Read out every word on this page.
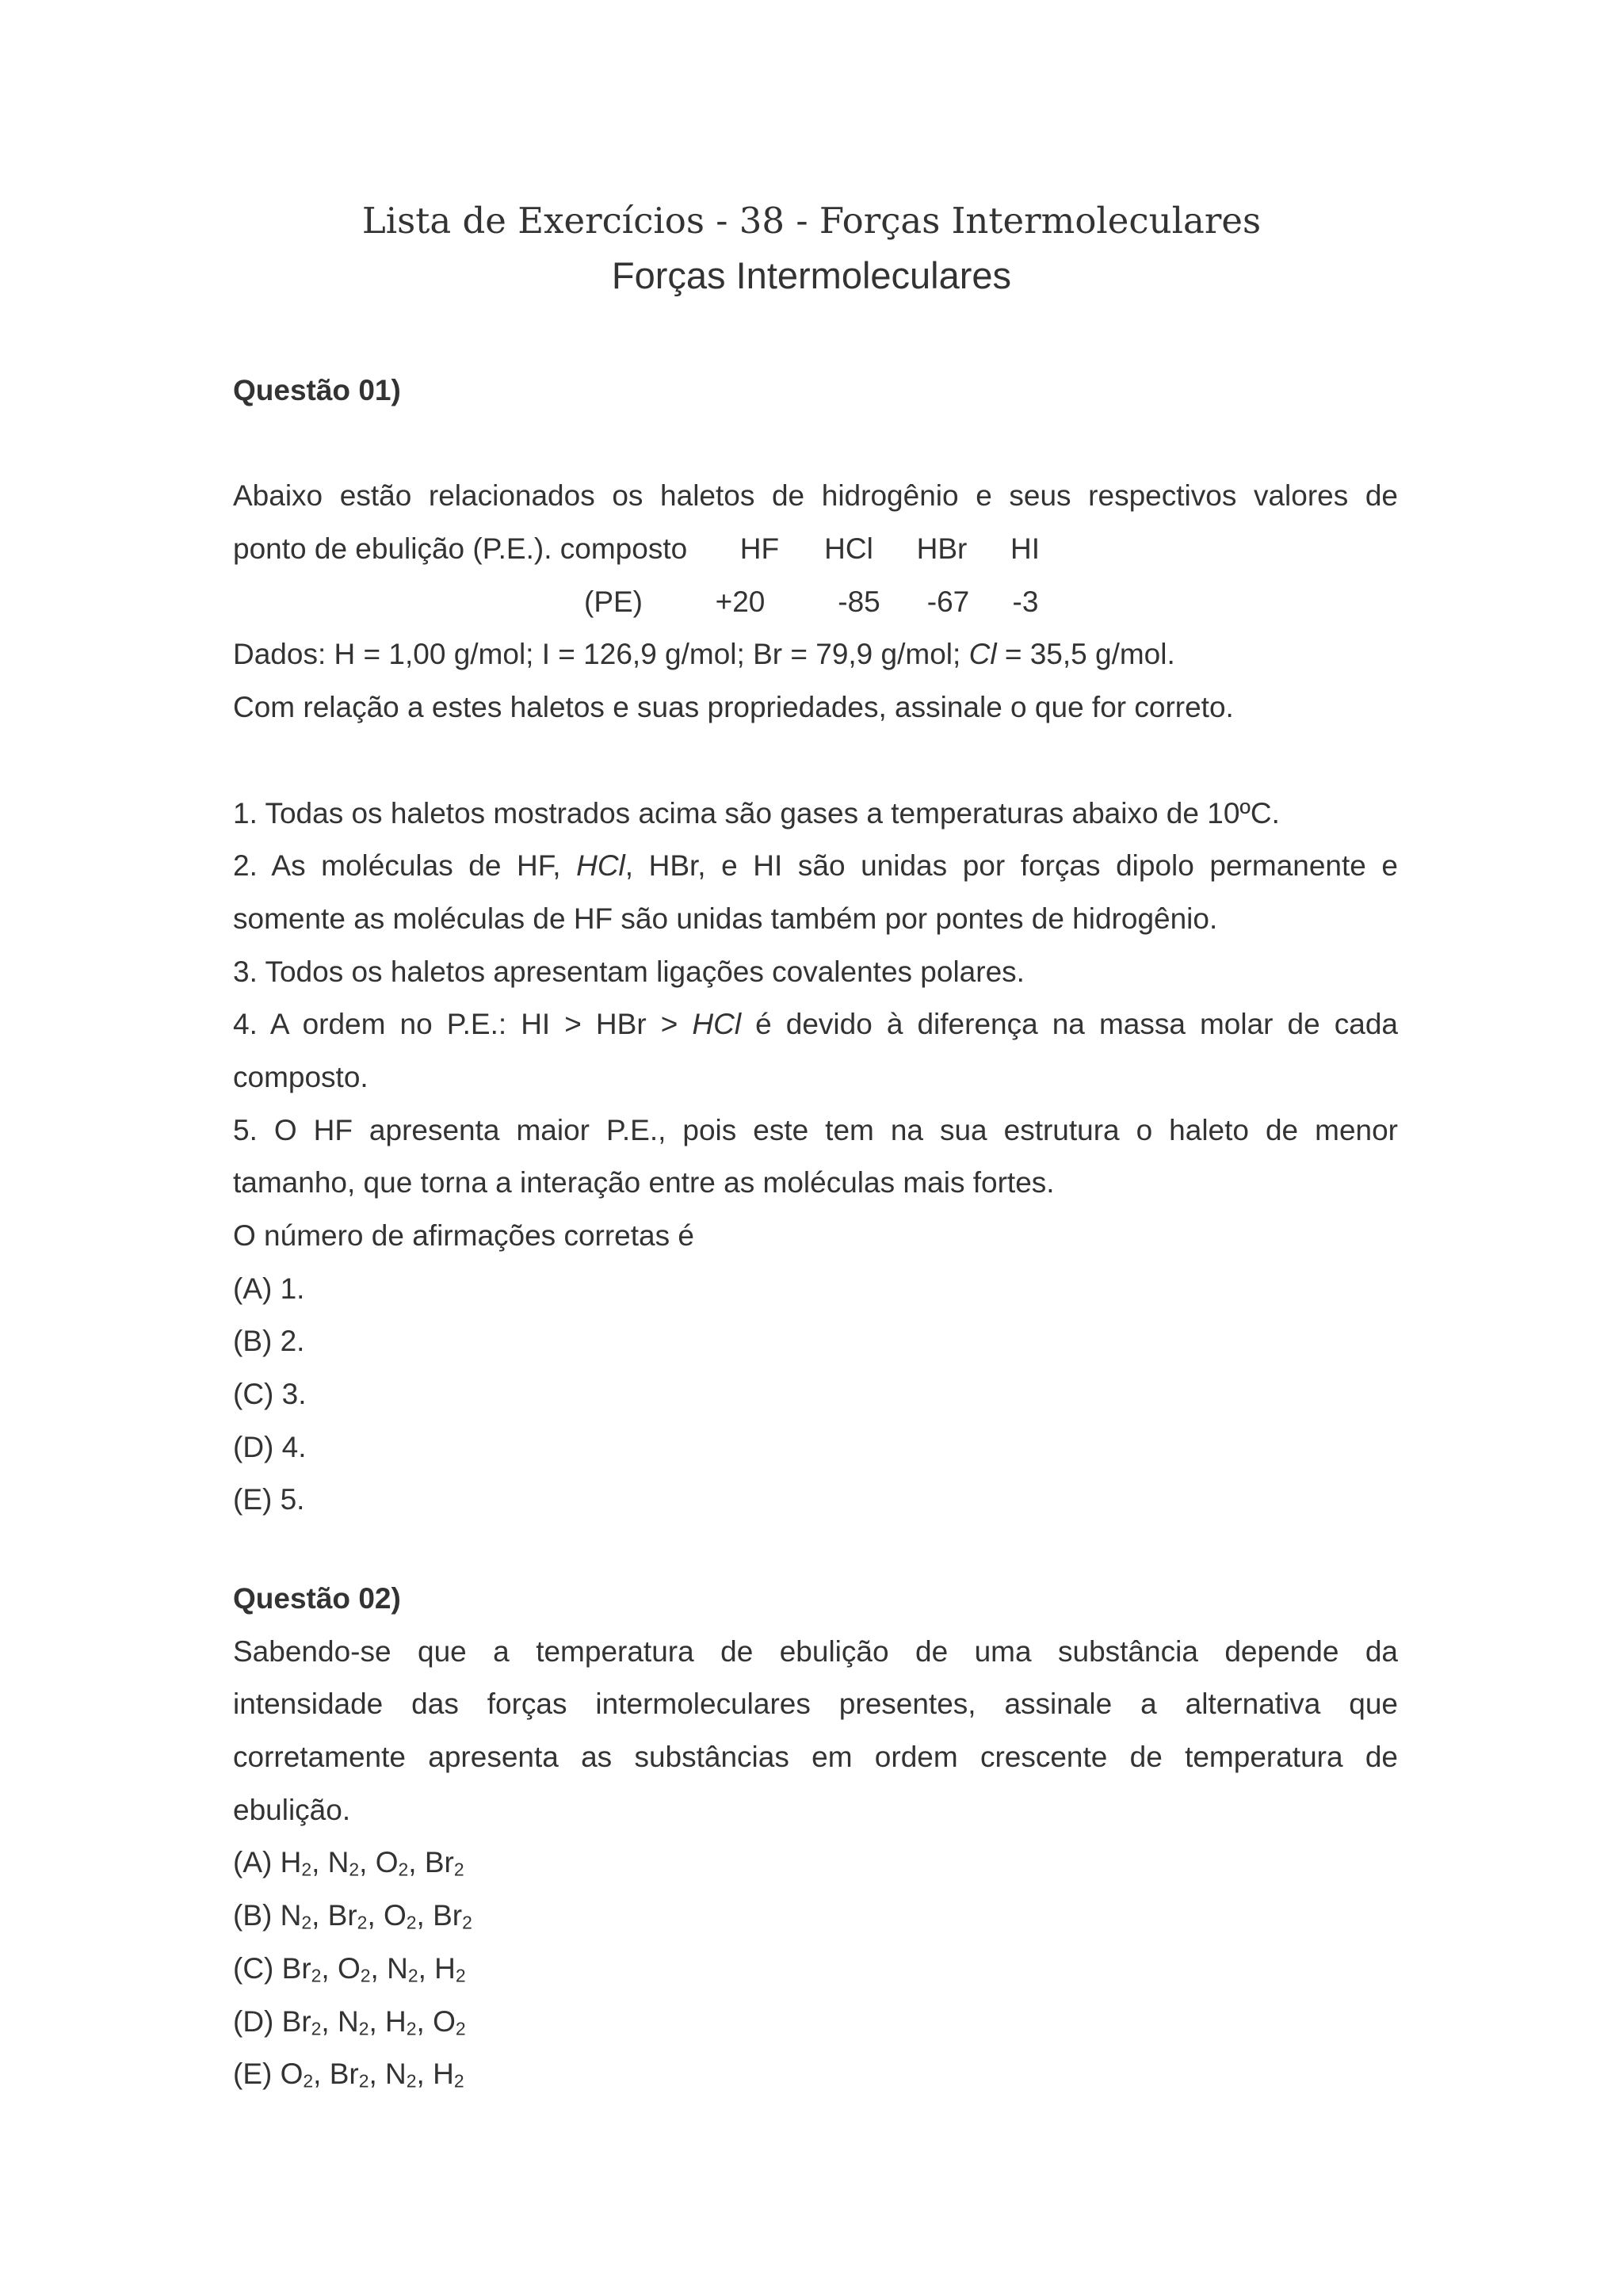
Lista de Exercícios - 38 - Forças Intermoleculares
Forças Intermoleculares
Questão 01)
Abaixo estão relacionados os haletos de hidrogênio e seus respectivos valores de
ponto de ebulição (P.E.). composto HF HCl HBr HI
(PE) +20 -85 -67 -3
Dados: H = 1,00 g/mol; I = 126,9 g/mol; Br = 79,9 g/mol; Cl = 35,5 g/mol.
Com relação a estes haletos e suas propriedades, assinale o que for correto.
1. Todas os haletos mostrados acima são gases a temperaturas abaixo de 10ºC.
2. As moléculas de HF, HCl, HBr, e HI são unidas por forças dipolo permanente e
somente as moléculas de HF são unidas também por pontes de hidrogênio.
3. Todos os haletos apresentam ligações covalentes polares.
4. A ordem no P.E.: HI > HBr > HCl é devido à diferença na massa molar de cada
composto.
5. O HF apresenta maior P.E., pois este tem na sua estrutura o haleto de menor
tamanho, que torna a interação entre as moléculas mais fortes.
O número de afirmações corretas é
(A) 1.
(B) 2.
(C) 3.
(D) 4.
(E) 5.
Questão 02)
Sabendo-se que a temperatura de ebulição de uma substância depende da
intensidade das forças intermoleculares presentes, assinale a alternativa que
corretamente apresenta as substâncias em ordem crescente de temperatura de
ebulição.
(A) $H_2$, $N_2$, $O_2$, $Br_2$
(B) $N_2$, $Br_2$, $O_2$, $Br_2$
(C) $Br_2$, $O_2$, $N_2$, $H_2$
(D) $Br_2$, $N_2$, $H_2$, $O_2$
(E) $O_2$, $Br_2$, $N_2$, $H_2$
